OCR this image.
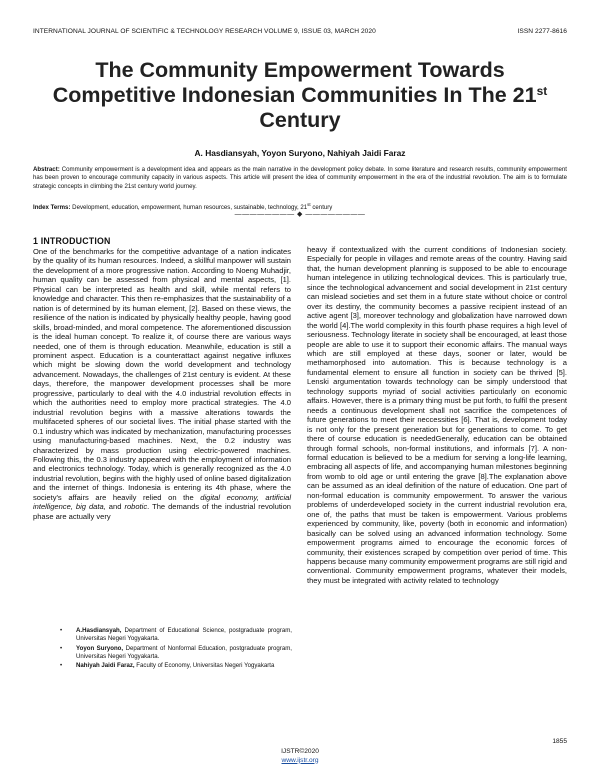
INTERNATIONAL JOURNAL OF SCIENTIFIC & TECHNOLOGY RESEARCH VOLUME 9, ISSUE 03, MARCH 2020	ISSN 2277-8616
The Community Empowerment Towards
Competitive Indonesian Communities In The 21st
Century
A. Hasdiansyah, Yoyon Suryono, Nahiyah Jaidi Faraz
Abstract: Community empowerment is a development idea and appears as the main narrative in the development policy debate. In some literature and research results, community empowerment has been proven to encourage community capacity in various aspects. This article will present the idea of community empowerment in the era of the industrial revolution. The aim is to formulate strategic concepts in climbing the 21st century world journey.
Index Terms: Development, education, empowerment, human resources, sustainable, technology, 21st century
———————— ◆ ————————
1 INTRODUCTION

One of the benchmarks for the competitive advantage of a nation indicates by the quality of its human resources. Indeed, a skillful manpower will sustain the development of a more progressive nation. According to Noeng Muhadjir, human quality can be assessed from physical and mental aspects, [1]. Physical can be interpreted as health and skill, while mental refers to knowledge and character. This then re-emphasizes that the sustainability of a nation is of determined by its human element, [2]. Based on these views, the resilience of the nation is indicated by physically healthy people, having good skills, broad-minded, and moral competence. The aforementioned discussion is the ideal human concept. To realize it, of course there are various ways needed, one of them is through education. Meanwhile, education is still a prominent aspect. Education is a counterattact against negative influxes which might be slowing down the world development and technology advancement. Nowadays, the challenges of 21st century is evident. At these days, therefore, the manpower development processes shall be more progressive, particularly to deal with the 4.0 industrial revolution effects in which the authorities need to employ more practical strategies. The 4.0 industrial revolution begins with a massive alterations towards the multifaceted spheres of our societal lives. The initial phase started with the 0.1 industry which was indicated by mechanization, manufacturing processes using manufacturing-based machines. Next, the 0.2 industry was characterized by mass production using electric-powered machines. Following this, the 0.3 industry appeared with the employment of information and electronics technology. Today, which is generally recognized as the 4.0 industrial revolution, begins with the highly used of online based digitalization and the internet of things. Indonesia is entering its 4th phase, where the society's affairs are heavily relied on the digital economy, artificial intelligence, big data, and robotic. The demands of the industrial revolution phase are actually very

heavy if contextualized with the current conditions of Indonesian society. Especially for people in villages and remote areas of the country. Having said that, the human development planning is supposed to be able to encourage human intelegence in utilizing technological devices. This is particularly true, since the technological advancement and social development in 21st century can mislead societies and set them in a future state without choice or control over its destiny, the community becomes a passive recipient instead of an active agent [3], moreover technology and globalization have narrowed down the world [4].The world complexity in this fourth phase requires a high level of seriousness. Technology literate in society shall be encouraged, at least those people are able to use it to support their economic affairs. The manual ways which are still employed at these days, sooner or later, would be methamorphosed into automation. This is because technology is a fundamental element to ensure all function in society can be thrived [5]. Lenski argumentation towards technology can be simply understood that technology supports myriad of social activities particularly on economic affairs. However, there is a primary thing must be put forth, to fulfil the present needs a continuous development shall not sacrifice the competences of future generations to meet their neccessities [6]. That is, development today is not only for the present generation but for generations to come. To get there of course education is neededGenerally, education can be obtained through formal schools, non-formal institutions, and informals [7]. A non-formal education is believed to be a medium for serving a long-life learning, embracing all aspects of life, and accompanying human milestones beginning from womb to old age or until entering the grave [8].The explanation above can be assumed as an ideal definition of the nature of education. One part of non-formal education is community empowerment. To answer the various problems of underdeveloped society in the current industrial revolution era, one of, the paths that must be taken is empowerment. Various problems experienced by community, like, poverty (both in economic and information) basically can be solved using an advanced information technology. Some empowerment programs aimed to encourage the economic forces of community, their existences scraped by competition over period of time. This happens because many community empowerment programs are still rigid and conventional. Community empowerment programs, whatever their models, they must be integrated with activity related to technology

• A.Hasdiansyah, Department of Educational Science, postgraduate program, Universitas Negeri Yogyakarta.
• Yoyon Suryono, Department of Nonformal Education, postgraduate program, Universitas Negeri Yogyakarta.
• Nahiyah Jaidi Faraz, Faculty of Economy, Universitas Negeri Yogyakarta
1855
IJSTR©2020
www.ijstr.org
